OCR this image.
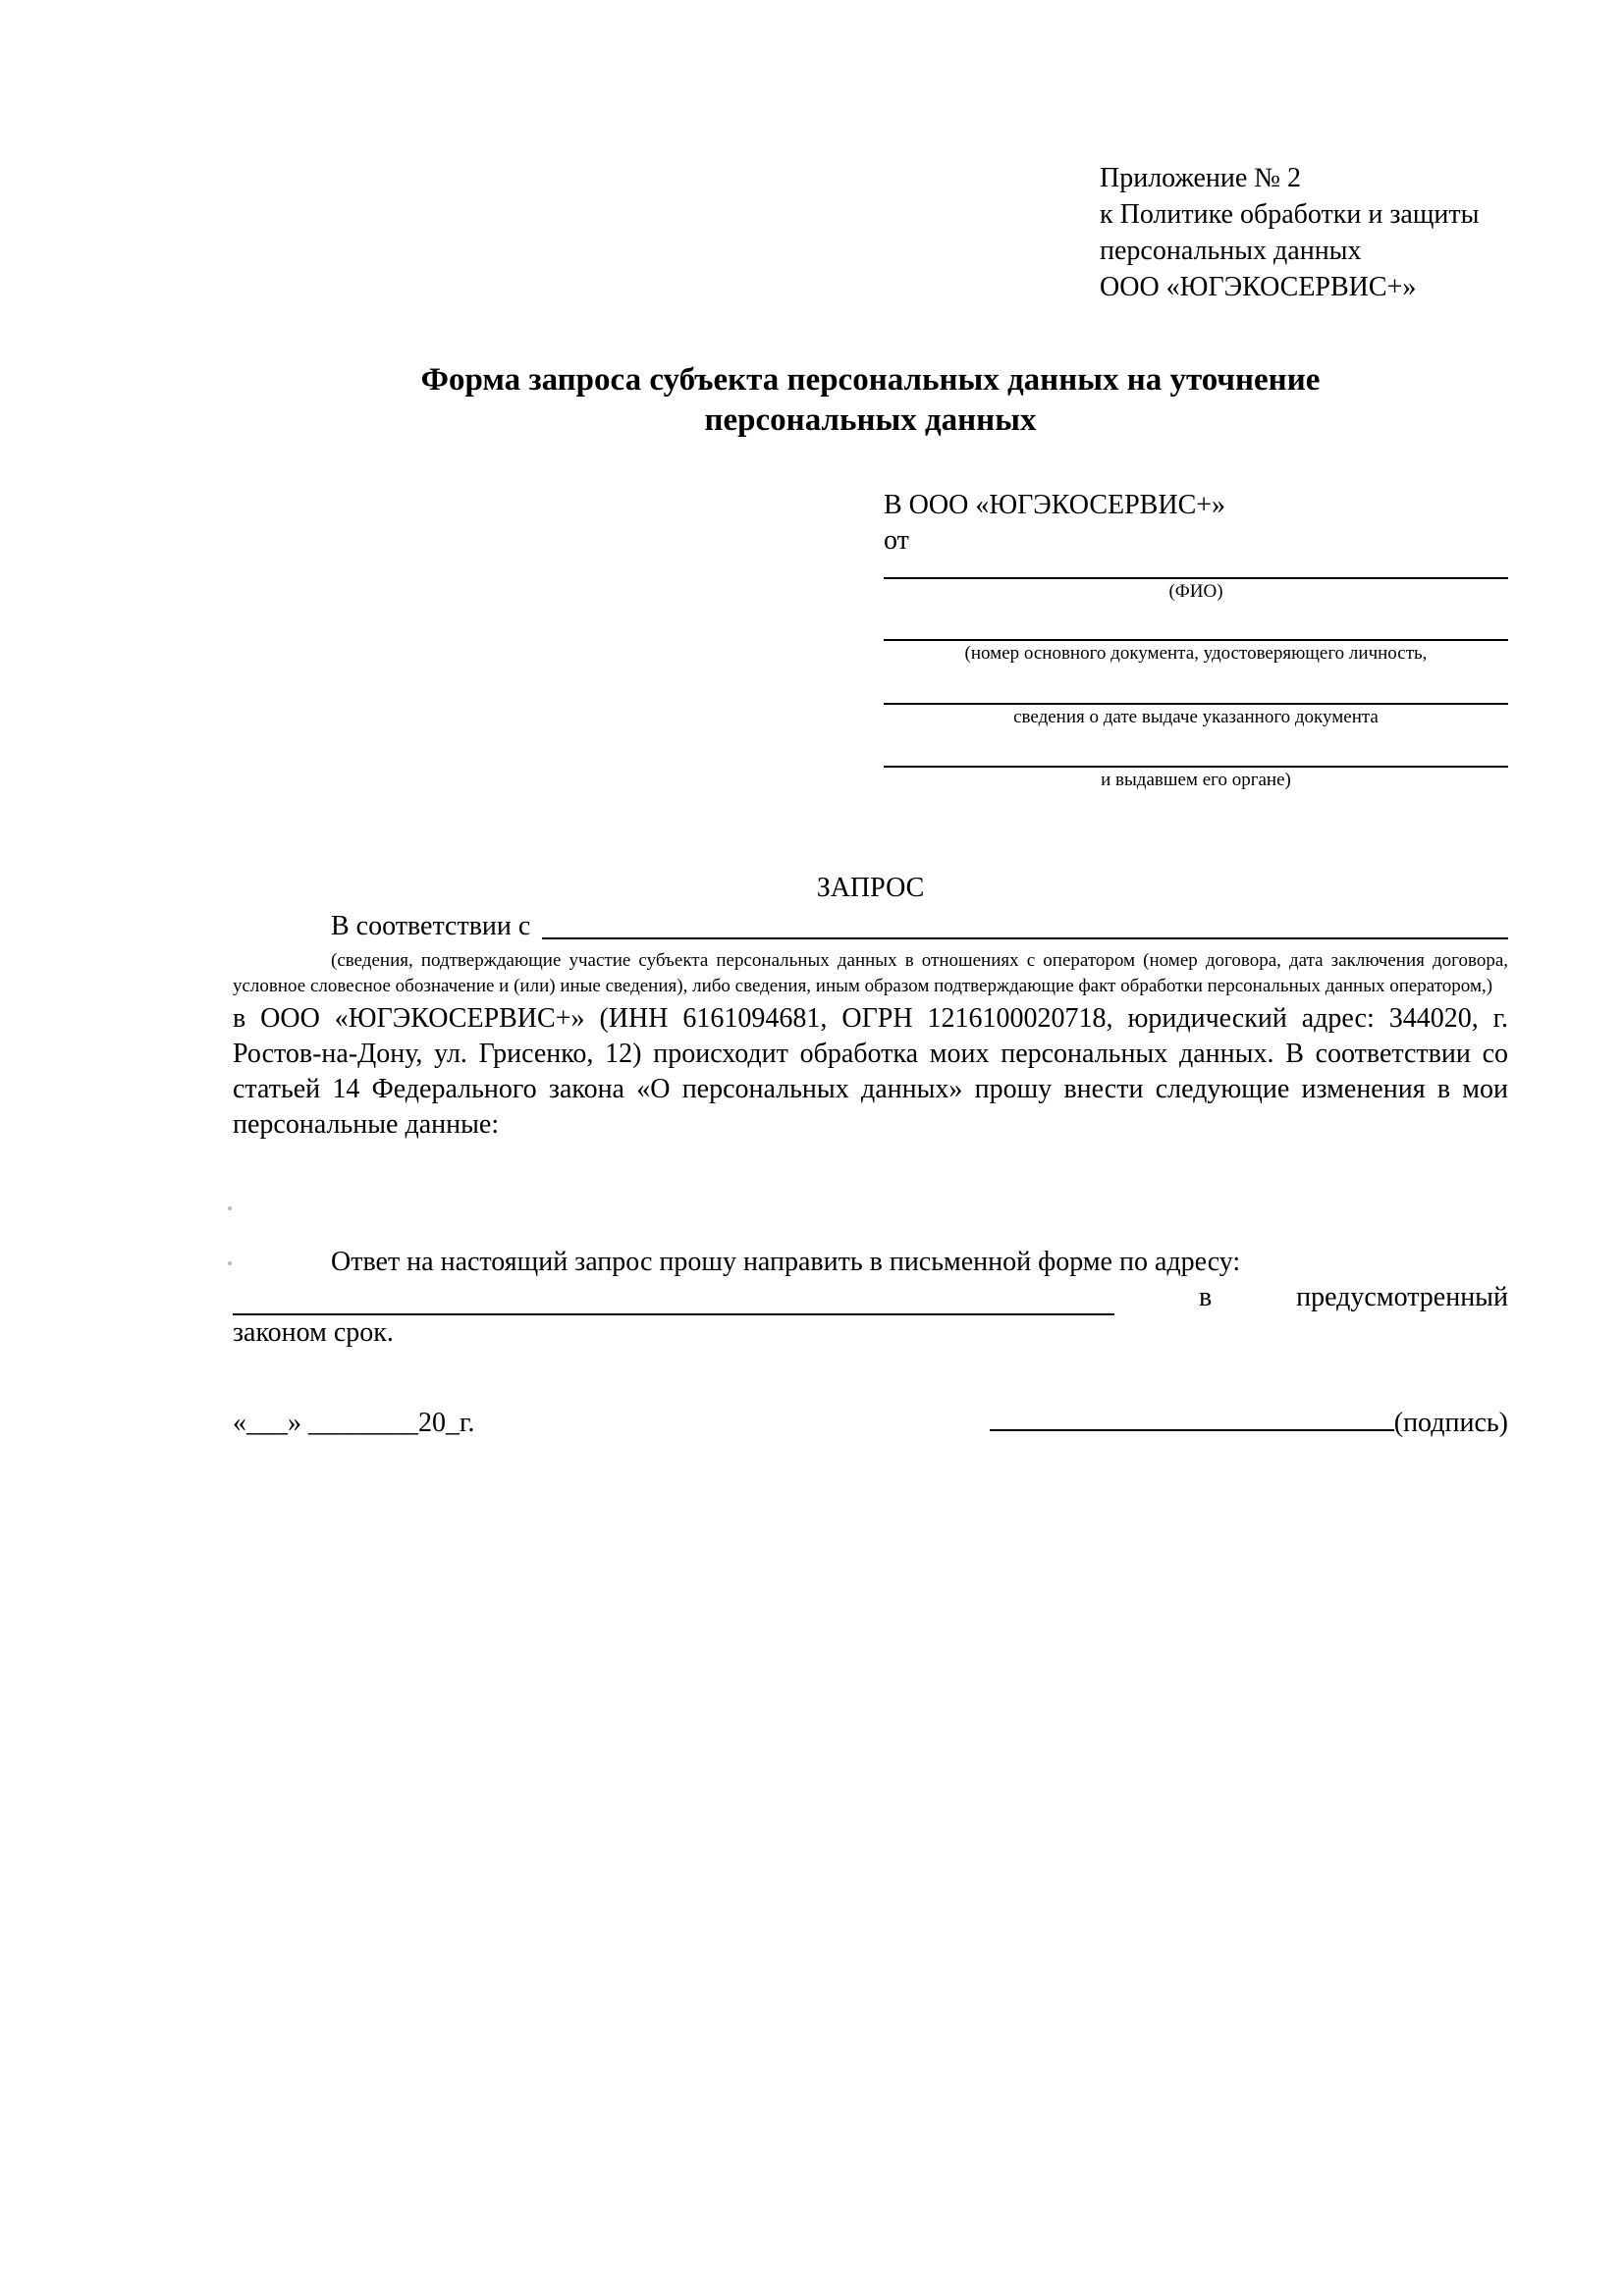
Приложение № 2
к Политике обработки и защиты
персональных данных
ООО «ЮГЭКОСЕРВИС+»
Форма запроса субъекта персональных данных на уточнение
персональных данных
В ООО «ЮГЭКОСЕРВИС+»
от
(ФИО)
(номер основного документа, удостоверяющего личность,
сведения о дате выдаче указанного документа
и выдавшем его органе)
ЗАПРОС
В соответствии с

(сведения, подтверждающие участие субъекта персональных данных в отношениях с оператором (номер договора, дата заключения договора, условное словесное обозначение и (или) иные сведения), либо сведения, иным образом подтверждающие факт обработки персональных данных оператором,)

в ООО «ЮГЭКОСЕРВИС+» (ИНН 6161094681, ОГРН 1216100020718, юридический адрес: 344020, г. Ростов-на-Дону, ул. Грисенко, 12) происходит обработка моих персональных данных. В соответствии со статьей 14 Федерального закона «О персональных данных» прошу внести следующие изменения в мои персональные данные:

Ответ на настоящий запрос прошу направить в письменной форме по адресу:

в	предусмотренный

законом срок.

«___» ________20_г.	(подпись)
